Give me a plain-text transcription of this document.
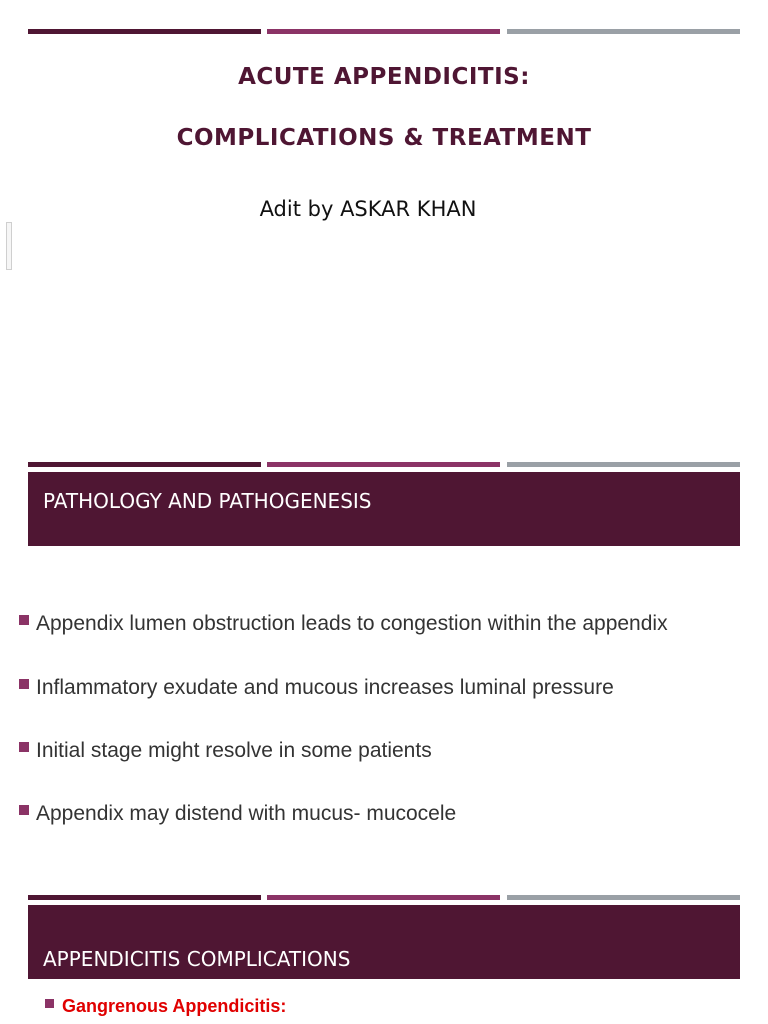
ACUTE APPENDICITIS:
COMPLICATIONS & TREATMENT
Adit by ASKAR KHAN
PATHOLOGY AND PATHOGENESIS
Appendix lumen obstruction leads to congestion within the appendix
Inflammatory exudate and mucous increases luminal pressure
Initial stage might resolve in some patients
Appendix may distend with mucus- mucocele
APPENDICITIS COMPLICATIONS
Gangrenous Appendicitis:
